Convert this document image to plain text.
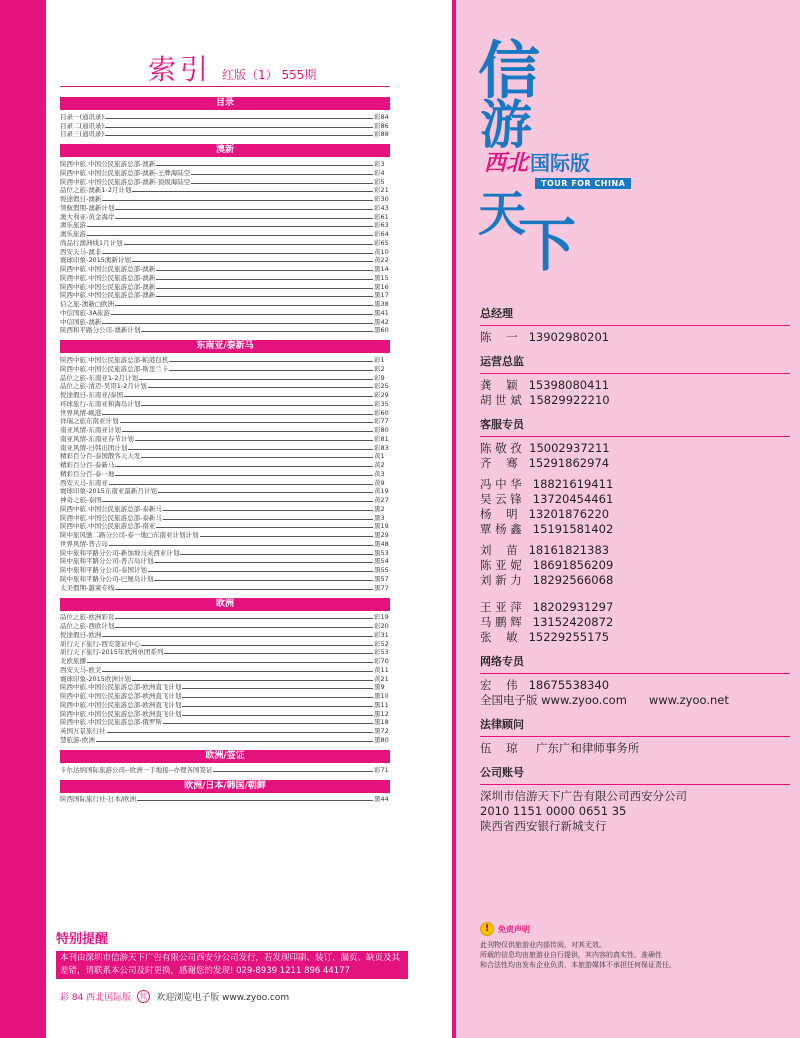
索引 红版（1） 555期
目录
目录一(通讯录)	彩84
目录二(通讯录)	彩86
目录三(通讯录)	彩88
澳新
陕西中旅.中国公民旅游总部-澳新	彩3
陕西中旅.中国公民旅游总部-澳新-王牌海陆空	彩4
陕西中旅.中国公民旅游总部-澳新-顶级海陆空	彩5
品位之旅-澳新1-2月计划	彩21
悦途假日-澳新	彩30
领航假期-澳新计划	彩43
澳大利亚-黄金海岸	彩61
澳乐旅游	彩63
澳乐旅游	彩64
尚品行澳洲线1月计划	彩65
西安天马-澳非	黄10
寰球印象-2015澳新计划	黄22
陕西中旅.中国公民旅游总部-澳新	黑14
陕西中旅.中国公民旅游总部-澳新	黑15
陕西中旅.中国公民旅游总部-澳新	黑16
陕西中旅.中国公民旅游总部-澳新	黑17
信之旅-澳新□欧洲	黑38
中信国旅-3A旅游	黑41
中信国旅-澳新	黑42
陕西和平路分公司-澳新计划	黑60
东南亚/泰新马
陕西中旅.中国公民旅游总部-帕港包机	彩1
陕西中旅.中国公民旅游总部-斯里兰卡	彩2
品位之旅-东南亚1-2月计划	彩9
品位之旅-清迈-吴哥1-2月计划	彩25
悦途假日-东南亚/泰国	彩29
环球旅行-东南亚和海岛计划	彩35
世界风情-岘港	彩60
祥瑞之旅东南亚计划	彩77
南亚风情-东南亚计划	彩80
南亚风情-东南亚春节计划	彩81
南亚风情-日韩出团计划	彩83
精彩百分百-泰国散客天天发	黄1
精彩百分百-泰新马	黄2
精彩百分百-泰一地	黄3
西安天马-东南亚	黄9
寰球印象-2015东南亚最新月计划	黄19
神奇之旅-泰国	黄27
陕西中旅.中国公民旅游总部-泰新马	黑2
陕西中旅.中国公民旅游总部-泰新马	黑3
陕西中旅.中国公民旅游总部-南亚	黑19
陕中旅风驰二路分公司-泰一地□东南亚计划计划	黑29
世界风情-普吉岛	黑48
陕中旅和平路分公司-新加坡马来西亚计划	黑53
陕中旅和平路分公司-普吉岛计划	黑54
陕中旅和平路分公司-泰国计划	黑55
陕中旅和平路分公司-巴厘岛计划	黑57
太美假期-越柬专线	黑77
欧洲
品位之旅-欧洲彩页	彩19
品位之旅-西欧计划	彩20
悦途假日-欧洲	彩31
质行天下旅行-西安签证中心	彩52
质行天下旅行-2015年欧洲单团系列	彩53
北欧旅播	彩70
西安天马-欧美	黄11
寰球印象-2015欧洲计划	黄21
陕西中旅.中国公民旅游总部-欧洲直飞计划	黑9
陕西中旅.中国公民旅游总部-欧洲直飞计划	黑10
陕西中旅.中国公民旅游总部-欧洲直飞计划	黑11
陕西中旅.中国公民旅游总部-欧洲直飞计划	黑12
陕西中旅.中国公民旅游总部-俄罗斯	黑18
英国万景旅行社	黑72
慧旅游-欧洲	黑80
欧洲/签证
卡尔达纳国际旅游公司--欧洲一手地接--办理各国签证	彩71
欧洲/日本/韩国/朝鲜
陕西国际旅行社-日本/欧洲	黑44
特别提醒
本刊由深圳市信游天下广告有限公司西安分公司发行，若发现印刷、装订、漏页、缺页及其差错，请联系本公司及时更换，感谢您的发现! 029-8939 1211 896 44177
彩 84 西北国际版	红	欢迎浏览电子版 www.zyoo.com
信
游
天
下
西北 国际版
TOUR FOR CHINA
总经理
陈    一   13902980201
运营总监
龚    颖   15398080411
胡 世 斌  15829922210
客服专员
陈 敬 孜  15002937211
齐    骞   15291862974
冯 中 华   18821619411
吴 云 锋   13720454461
杨    明   13201876220
覃 杨 鑫   15191581402
刘    苗   18161821383
陈 亚 妮   18691856209
刘 新 力   18292566068
王 亚 萍   18202931297
马 鹏 辉   13152420872
张    敏   15229255175
网络专员
宏    伟   18675538340
全国电子版 www.zyoo.com      www.zyoo.net
法律顾问
伍    琼     广东广和律师事务所
公司账号
深圳市信游天下广告有限公司西安分公司
2010 1151 0000 0651 35
陕西省西安银行新城支行
!	免责声明

此刊物仅供旅游业内部传阅，对其无效。

所载的信息均由旅游业自行提供，其内容的真实性、准确性

和合法性均由发布企业负责，本旅游媒体不承担任何保证责任。
